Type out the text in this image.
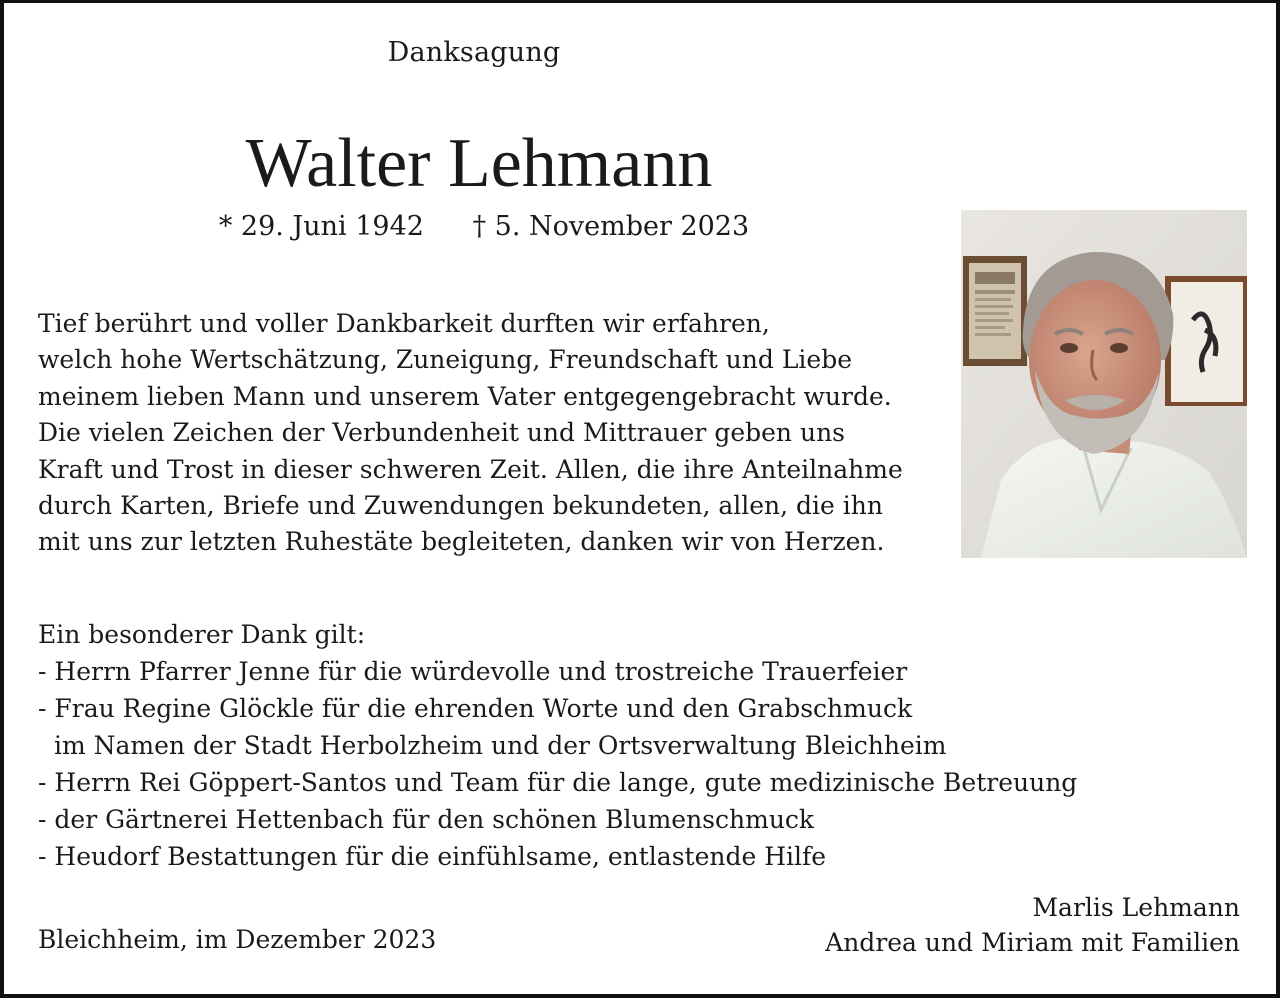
Danksagung
Walter Lehmann
* 29. Juni 1942 † 5. November 2023
Tief berührt und voller Dankbarkeit durften wir erfahren,
welch hohe Wertschätzung, Zuneigung, Freundschaft und Liebe
meinem lieben Mann und unserem Vater entgegengebracht wurde.
Die vielen Zeichen der Verbundenheit und Mittrauer geben uns
Kraft und Trost in dieser schweren Zeit. Allen, die ihre Anteilnahme
durch Karten, Briefe und Zuwendungen bekundeten, allen, die ihn
mit uns zur letzten Ruhestäte begleiteten, danken wir von Herzen.
Ein besonderer Dank gilt:
- Herrn Pfarrer Jenne für die würdevolle und trostreiche Trauerfeier
- Frau Regine Glöckle für die ehrenden Worte und den Grabschmuck
im Namen der Stadt Herbolzheim und der Ortsverwaltung Bleichheim
- Herrn Rei Göppert-Santos und Team für die lange, gute medizinische Betreuung
- der Gärtnerei Hettenbach für den schönen Blumenschmuck
- Heudorf Bestattungen für die einfühlsame, entlastende Hilfe
Bleichheim, im Dezember 2023
Marlis Lehmann
Andrea und Miriam mit Familien
